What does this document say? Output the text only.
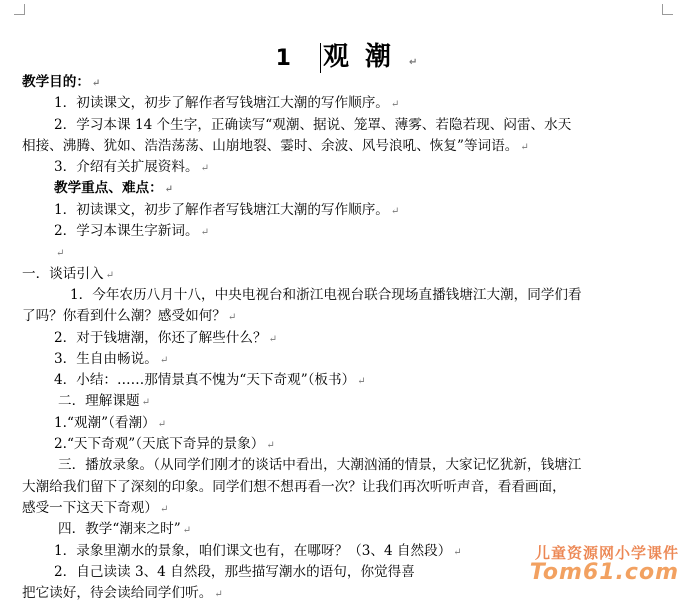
1 观潮 ↵
教学目的： ↵
1．初读课文，初步了解作者写钱塘江大潮的写作顺序。 ↵
2．学习本课 14 个生字，正确读写“观潮、据说、笼罩、薄雾、若隐若现、闷雷、水天
相接、沸腾、犹如、浩浩荡荡、山崩地裂、霎时、余波、风号浪吼、恢复”等词语。 ↵
3．介绍有关扩展资料。 ↵
教学重点、难点： ↵
1．初读课文，初步了解作者写钱塘江大潮的写作顺序。 ↵
2．学习本课生字新词。 ↵
↵
一．谈话引入 ↵
1．今年农历八月十八，中央电视台和浙江电视台联合现场直播钱塘江大潮，同学们看
了吗？你看到什么潮？感受如何？ ↵
2．对于钱塘潮，你还了解些什么？ ↵
3．生自由畅说。 ↵
4．小结：……那情景真不愧为“天下奇观”（板书） ↵
二．理解课题 ↵
1.“观潮”（看潮） ↵
2.“天下奇观”（天底下奇异的景象） ↵
三．播放录象。（从同学们刚才的谈话中看出，大潮汹涌的情景，大家记忆犹新，钱塘江
大潮给我们留下了深刻的印象。同学们想不想再看一次？让我们再次听听声音，看看画面，
感受一下这天下奇观） ↵
四．教学“潮来之时” ↵
1．录象里潮水的景象，咱们课文也有，在哪呀？（3、4 自然段） ↵
2．自己读读 3、4 自然段，那些描写潮水的语句，你觉得喜
把它读好，待会读给同学们听。 ↵
儿童资源网小学课件
Tom61.com
